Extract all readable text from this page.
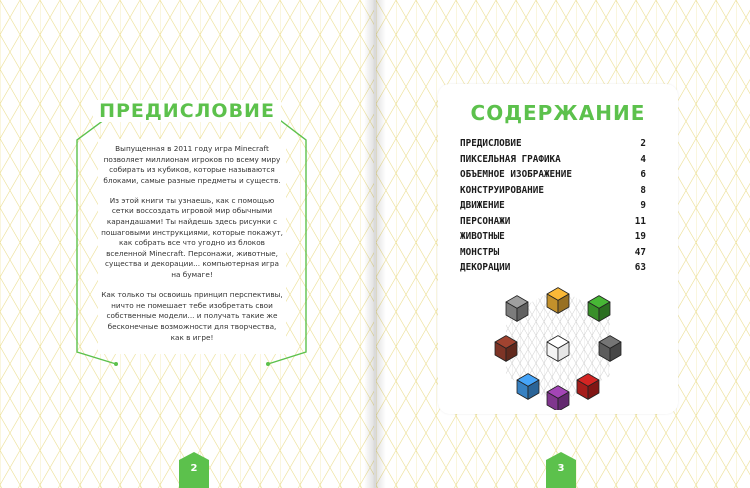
ПРЕДИСЛОВИЕ

Выпущенная в 2011 году игра Minecraft позволяет миллионам игроков по всему миру собирать из кубиков, которые называются блоками, самые разные предметы и существ.

Из этой книги ты узнаешь, как с помощью сетки воссоздать игровой мир обычными карандашами! Ты найдешь здесь рисунки с пошаговыми инструкциями, которые покажут, как собрать все что угодно из блоков вселенной Minecraft. Персонажи, животные, существа и декорации... компьютерная игра на бумаге!

Как только ты освоишь принцип перспективы, ничто не помешает тебе изобретать свои собственные модели... и получать такие же бесконечные возможности для творчества, как в игре!

2
СОДЕРЖАНИЕ
ПРЕДИСЛОВИЕ	2
ПИКСЕЛЬНАЯ ГРАФИКА	4
ОБЪЕМНОЕ ИЗОБРАЖЕНИЕ	6
КОНСТРУИРОВАНИЕ	8
ДВИЖЕНИЕ	9
ПЕРСОНАЖИ	11
ЖИВОТНЫЕ	19
МОНСТРЫ	47
ДЕКОРАЦИИ	63
3
